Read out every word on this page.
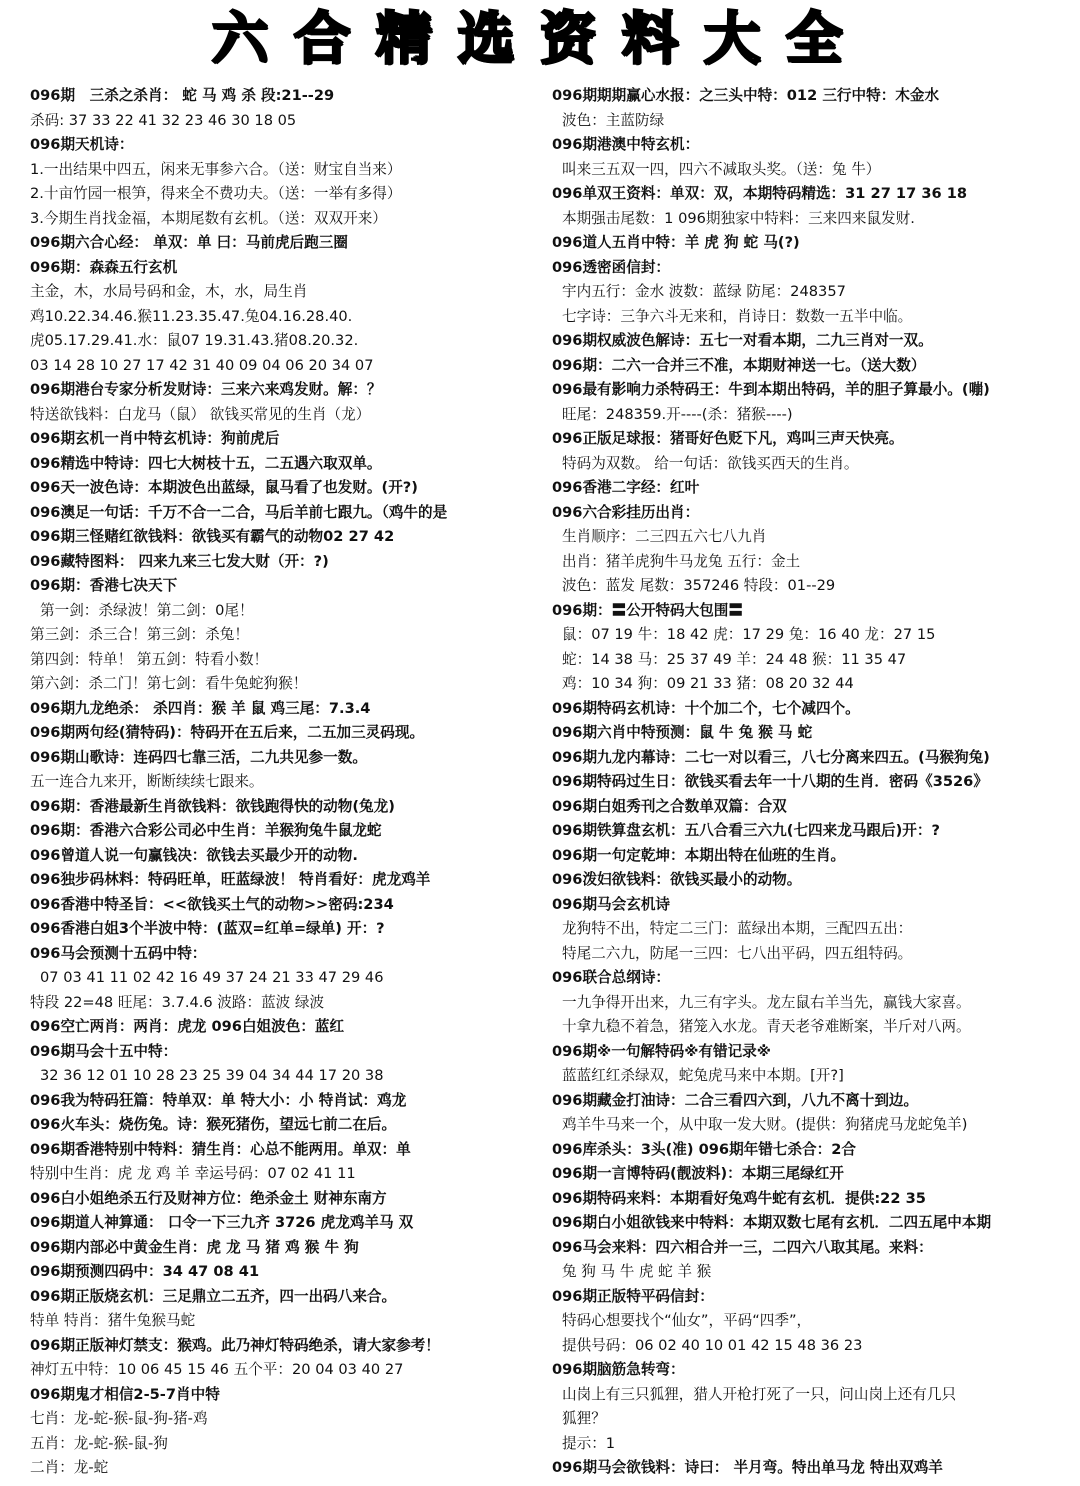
六合精选资料大全
096期　三杀之杀肖： 蛇 马 鸡 杀 段:21--29
杀码: 37 33 22 41 32 23 46 30 18 05
096期天机诗：
1.一出结果中四五，闲来无事参六合。（送：财宝自当来）
2.十亩竹园一根笋，得来全不费功夫。（送：一举有多得）
3.今期生肖找金福，本期尾数有玄机。（送：双双开来）
096期六合心经： 单双：单 曰：马前虎后跑三圈
096期：森森五行玄机
主金，木，水局号码和金，木，水，局生肖
鸡10.22.34.46.猴11.23.35.47.兔04.16.28.40.
虎05.17.29.41.水：鼠07 19.31.43.猪08.20.32.
03 14 28 10 27 17 42 31 40 09 04 06 20 34 07
096期港台专家分析发财诗：三来六来鸡发财。解：？
特送欲钱料：白龙马（鼠） 欲钱买常见的生肖（龙）
096期玄机一肖中特玄机诗：狗前虎后
096精选中特诗：四七大树枝十五，二五遇六取双单。
096天一波色诗：本期波色出蓝绿，鼠马看了也发财。(开?)
096澳足一句话：千万不合一二合，马后羊前七跟九。（鸡牛的是
096期三怪赌红欲钱料：欲钱买有霸气的动物02 27 42
096藏特图料： 四来九来三七发大财（开：?)
096期：香港七决天下
第一剑：杀绿波！第二剑：0尾！
第三剑：杀三合！第三剑：杀兔！
第四剑：特单！ 第五剑：特看小数！
第六剑：杀二门！第七剑：看牛兔蛇狗猴！
096期九龙绝杀： 杀四肖：猴 羊 鼠 鸡三尾：7.3.4
096期两句经(猜特码)：特码开在五后来，二五加三灵码现。
096期山歌诗：连码四七靠三活，二九共见参一数。
五一连合九来开，断断续续七跟来。
096期：香港最新生肖欲钱料：欲钱跑得快的动物(兔龙)
096期：香港六合彩公司必中生肖：羊猴狗兔牛鼠龙蛇
096曾道人说一句赢钱决：欲钱去买最少开的动物.
096独步码林料：特码旺单，旺蓝绿波！ 特肖看好：虎龙鸡羊
096香港中特圣旨：<<欲钱买土气的动物>>密码:234
096香港白姐3个半波中特：(蓝双=红单=绿单) 开：?
096马会预测十五码中特：
07 03 41 11 02 42 16 49 37 24 21 33 47 29 46
特段 22=48 旺尾：3.7.4.6 波路：蓝波 绿波
096空亡两肖：两肖：虎龙 096白姐波色：蓝红
096期马会十五中特：
32 36 12 01 10 28 23 25 39 04 34 44 17 20 38
096我为特码狂篇：特单双：单 特大小：小 特肖试：鸡龙
096火车头：烧伤兔。诗：猴死猪伤，望远七前二在后。
096期香港特别中特料：猜生肖：心总不能两用。单双：单
特别中生肖：虎 龙 鸡 羊 幸运号码：07 02 41 11
096白小姐绝杀五行及财神方位：绝杀金土 财神东南方
096期道人神算通： 口令一下三九齐 3726 虎龙鸡羊马 双
096期内部必中黄金生肖：虎 龙 马 猪 鸡 猴 牛 狗
096期预测四码中：34 47 08 41
096期正版烧玄机：三足鼎立二五齐，四一出码八来合。
特单 特肖：猪牛兔猴马蛇
096期正版神灯禁支：猴鸡。此乃神灯特码绝杀，请大家参考！
神灯五中特：10 06 45 15 46 五个平：20 04 03 40 27
096期鬼才相信2-5-7肖中特
七肖：龙-蛇-猴-鼠-狗-猪-鸡
五肖：龙-蛇-猴-鼠-狗
二肖：龙-蛇
096期期期赢心水报：之三头中特：012 三行中特：木金水
波色：主蓝防绿
096期港澳中特玄机：
叫来三五双一四，四六不减取头奖。（送：兔 牛）
096单双王资料：单双：双，本期特码精选：31 27 17 36 18
本期强击尾数：1 096期独家中特料：三来四来鼠发财.
096道人五肖中特：羊 虎 狗 蛇 马(?)
096透密函信封：
宇内五行：金水 波数：蓝绿 防尾：248357
七字诗：三争六斗无来和，肖诗日：数数一五半中临。
096期权威波色解诗：五七一对看本期，二九三肖对一双。
096期：二六一合并三不准，本期财神送一七。（送大数）
096最有影响力杀特码王：牛到本期出特码，羊的胆子算最小。(嘣)
旺尾：248359.开----(杀：猪猴----)
096正版足球报：猪哥好色贬下凡，鸡叫三声天快亮。
特码为双数。 给一句话：欲钱买西天的生肖。
096香港二字经：红叶
096六合彩挂历出肖：
生肖顺序：二三四五六七八九肖
出肖：猪羊虎狗牛马龙兔 五行：金土
波色：蓝发 尾数：357246 特段：01--29
096期：〓公开特码大包围〓
鼠：07 19 牛：18 42 虎：17 29 兔：16 40 龙：27 15
蛇：14 38 马：25 37 49 羊：24 48 猴：11 35 47
鸡：10 34 狗：09 21 33 猪：08 20 32 44
096期特码玄机诗：十个加二个，七个减四个。
096期六肖中特预测：鼠 牛 兔 猴 马 蛇
096期九龙内幕诗：二七一对以看三，八七分离来四五。(马猴狗兔)
096期特码过生日：欲钱买看去年一十八期的生肖．密码《3526》
096期白姐秀刊之合数单双篇：合双
096期铁算盘玄机：五八合看三六九(七四来龙马跟后)开：?
096期一句定乾坤：本期出特在仙班的生肖。
096泼妇欲钱料：欲钱买最小的动物。
096期马会玄机诗
龙狗特不出，特定二三门：蓝绿出本期，三配四五出：
特尾二六九，防尾一三四：七八出平码，四五组特码。
096联合总纲诗：
一九争得开出来，九三有字头。龙左鼠右羊当先，赢钱大家喜。
十拿九稳不着急，猪笼入水龙。青天老爷难断案，半斤对八两。
096期※一句解特码※有错记录※
蓝蓝红红杀绿双，蛇兔虎马来中本期。[开?]
096期藏金打油诗：二合三看四六到，八九不离十到边。
鸡羊牛马来一个，从中取一发大财。(提供：狗猪虎马龙蛇兔羊)
096库杀头：3头(准) 096期年错七杀合：2合
096期一言博特码(靓波料)：本期三尾绿红开
096期特码来料：本期看好兔鸡牛蛇有玄机．提供:22 35
096期白小姐欲钱来中特料：本期双数七尾有玄机．二四五尾中本期
096马会来料：四六相合并一三，二四六八取其尾。来料：
兔 狗 马 牛 虎 蛇 羊 猴
096期正版特平码信封：
特码心想要找个“仙女”，平码“四季”，
提供号码：06 02 40 10 01 42 15 48 36 23
096期脑筋急转弯：
山岗上有三只狐狸，猎人开枪打死了一只，问山岗上还有几只
狐狸？
提示：1
096期马会欲钱料：诗曰： 半月弯。特出单马龙 特出双鸡羊
